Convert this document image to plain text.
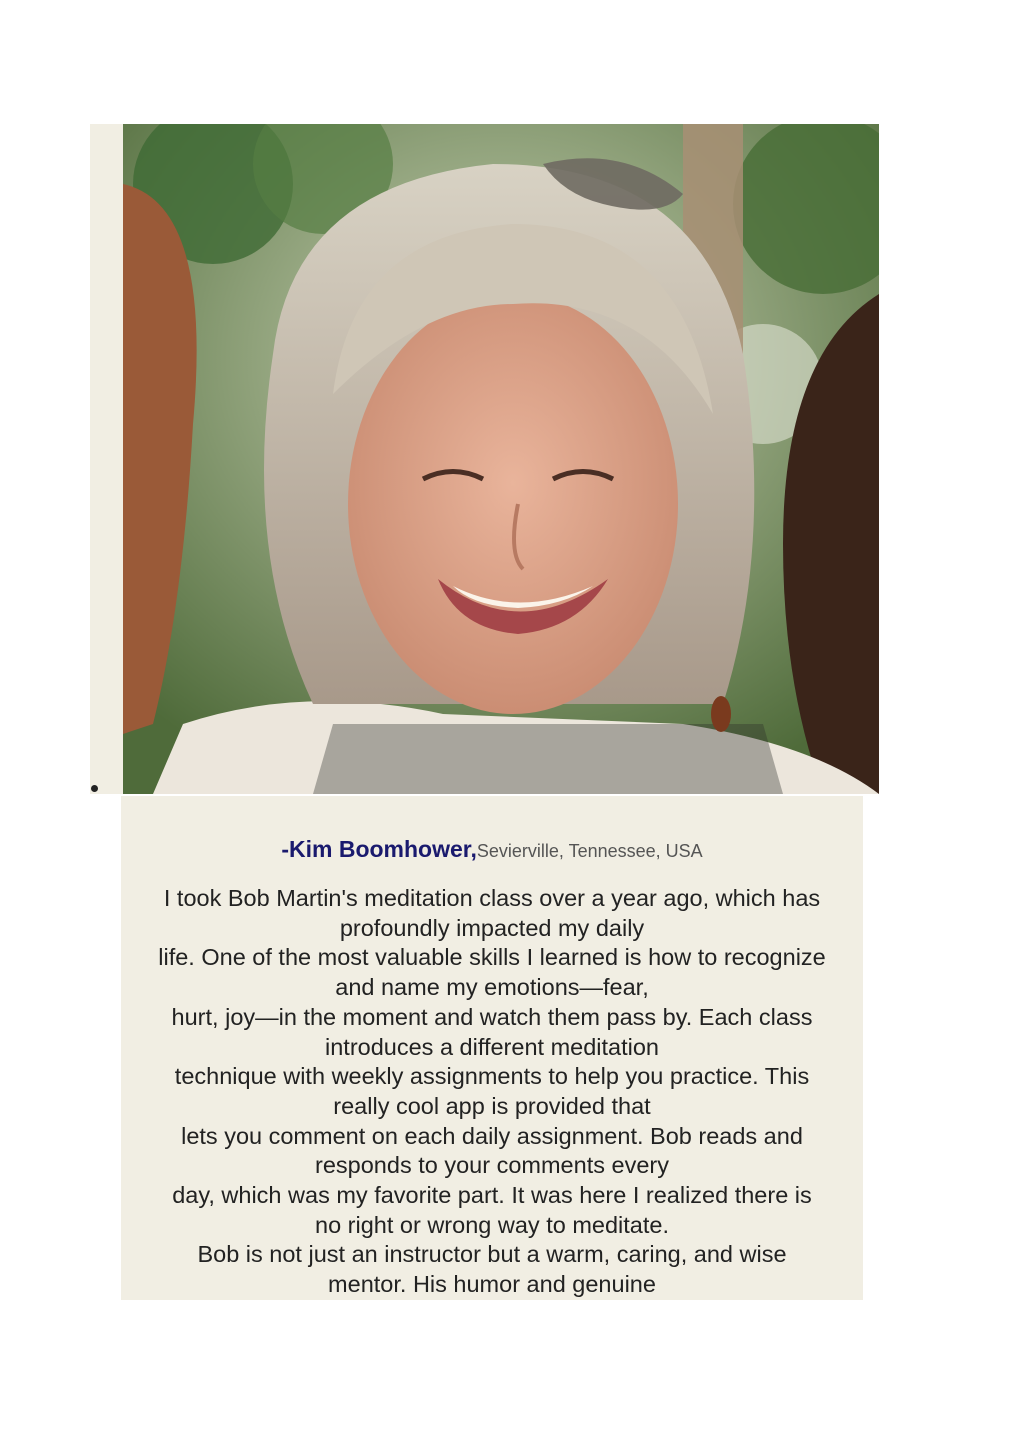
-Kim Boomhower,Sevierville, Tennessee, USA
I took Bob Martin's meditation class over a year ago, which has
profoundly impacted my daily
life. One of the most valuable skills I learned is how to recognize
and name my emotions—fear,
hurt, joy—in the moment and watch them pass by. Each class
introduces a different meditation
technique with weekly assignments to help you practice. This
really cool app is provided that
lets you comment on each daily assignment. Bob reads and
responds to your comments every
day, which was my favorite part. It was here I realized there is
no right or wrong way to meditate.
Bob is not just an instructor but a warm, caring, and wise
mentor. His humor and genuine
